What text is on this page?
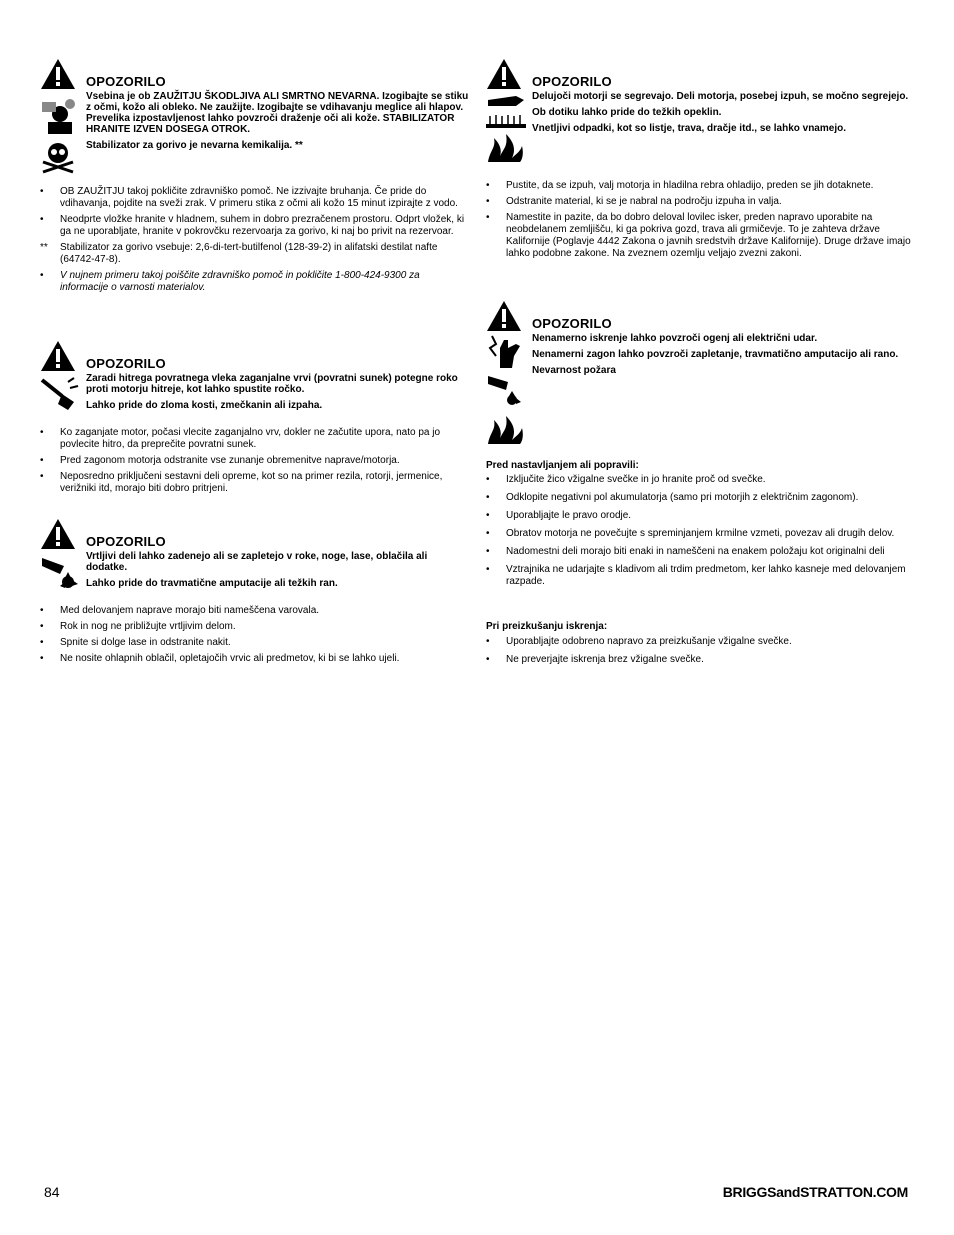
OPOZORILO

Vsebina je ob ZAUŽITJU ŠKODLJIVA ALI SMRTNO NEVARNA. Izogibajte se stiku z očmi, kožo ali obleko. Ne zaužijte. Izogibajte se vdihavanju meglice ali hlapov. Prevelika izpostavljenost lahko povzroči draženje oči ali kože. STABILIZATOR HRANITE IZVEN DOSEGA OTROK.

Stabilizator za gorivo je nevarna kemikalija. **

•	OB ZAUŽITJU takoj pokličite zdravniško pomoč. Ne izzivajte bruhanja. Če pride do vdihavanja, pojdite na sveži zrak. V primeru stika z očmi ali kožo 15 minut izpirajte z vodo.
•	Neodprte vložke hranite v hladnem, suhem in dobro prezračenem prostoru. Odprt vložek, ki ga ne uporabljate, hranite v pokrovčku rezervoarja za gorivo, ki naj bo privit na rezervoar.
**	Stabilizator za gorivo vsebuje: 2,6-di-tert-butilfenol (128-39-2) in alifatski destilat nafte (64742-47-8).
•	V nujnem primeru takoj poiščite zdravniško pomoč in pokličite 1-800-424-9300 za informacije o varnosti materialov.

OPOZORILO

Zaradi hitrega povratnega vleka zaganjalne vrvi (povratni sunek) potegne roko proti motorju hitreje, kot lahko spustite ročko.

Lahko pride do zloma kosti, zmečkanin ali izpaha.

•	Ko zaganjate motor, počasi vlecite zaganjalno vrv, dokler ne začutite upora, nato pa jo povlecite hitro, da preprečite povratni sunek.
•	Pred zagonom motorja odstranite vse zunanje obremenitve naprave/motorja.
•	Neposredno priključeni sestavni deli opreme, kot so na primer rezila, rotorji, jermenice, verižniki itd, morajo biti dobro pritrjeni.

OPOZORILO

Vrtljivi deli lahko zadenejo ali se zapletejo v roke, noge, lase, oblačila ali dodatke.

Lahko pride do travmatične amputacije ali težkih ran.

•	Med delovanjem naprave morajo biti nameščena varovala.
•	Rok in nog ne približujte vrtljivim delom.
•	Spnite si dolge lase in odstranite nakit.
•	Ne nosite ohlapnih oblačil, opletajočih vrvic ali predmetov, ki bi se lahko ujeli.

OPOZORILO

Delujoči motorji se segrevajo. Deli motorja, posebej izpuh, se močno segrejejo.

Ob dotiku lahko pride do težkih opeklin.

Vnetljivi odpadki, kot so listje, trava, dračje itd., se lahko vnamejo.

•	Pustite, da se izpuh, valj motorja in hladilna rebra ohladijo, preden se jih dotaknete.
•	Odstranite material, ki se je nabral na področju izpuha in valja.
•	Namestite in pazite, da bo dobro deloval lovilec isker, preden napravo uporabite na neobdelanem zemljišču, ki ga pokriva gozd, trava ali grmičevje. To je zahteva države Kalifornije (Poglavje 4442 Zakona o javnih sredstvih države Kalifornije). Druge države imajo lahko podobne zakone. Na zveznem ozemlju veljajo zvezni zakoni.

OPOZORILO

Nenamerno iskrenje lahko povzroči ogenj ali električni udar.

Nenamerni zagon lahko povzroči zapletanje, travmatično amputacijo ali rano.

Nevarnost požara

Pred nastavljanjem ali popravili:
•	Izključite žico vžigalne svečke in jo hranite proč od svečke.
•	Odklopite negativni pol akumulatorja (samo pri motorjih z električnim zagonom).
•	Uporabljajte le pravo orodje.
•	Obratov motorja ne povečujte s spreminjanjem krmilne vzmeti, povezav ali drugih delov.
•	Nadomestni deli morajo biti enaki in nameščeni na enakem položaju kot originalni deli
•	Vztrajnika ne udarjajte s kladivom ali trdim predmetom, ker lahko kasneje med delovanjem razpade.
Pri preizkušanju iskrenja:
•	Uporabljajte odobreno napravo za preizkušanje vžigalne svečke.
•	Ne preverjajte iskrenja brez vžigalne svečke.
84	BRIGGSandSTRATTON.COM
